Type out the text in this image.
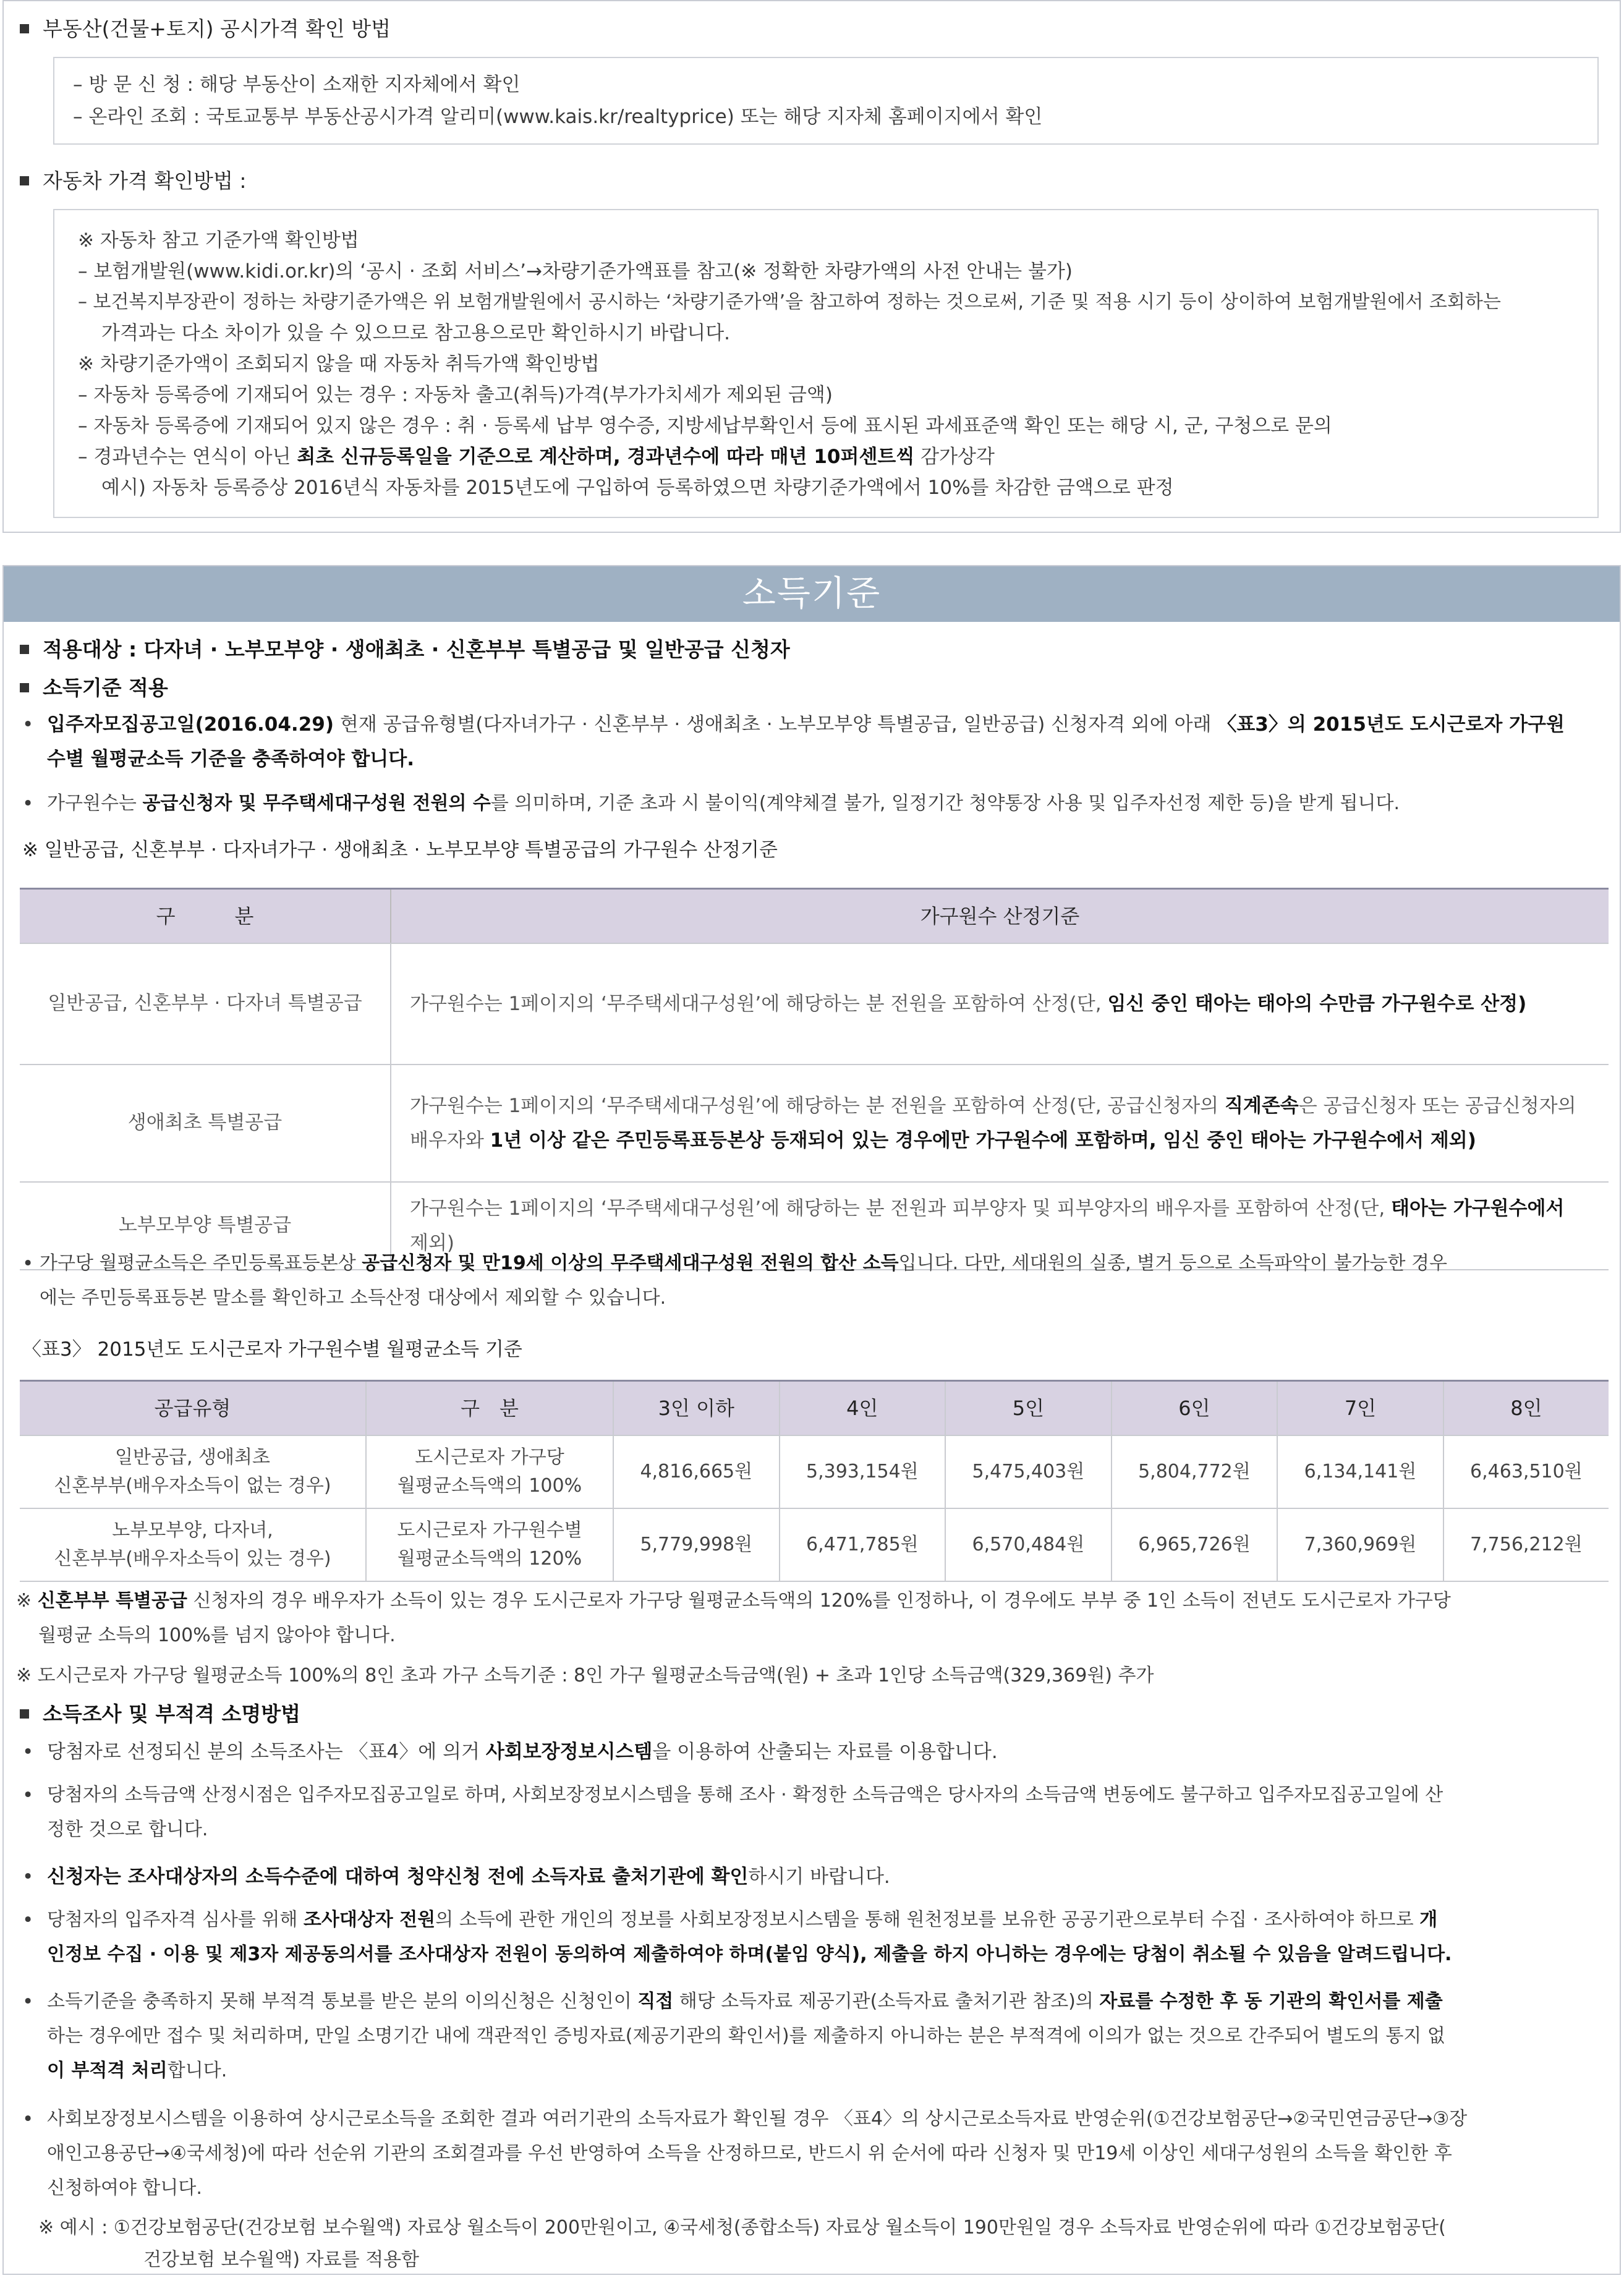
부동산(건물+토지) 공시가격 확인 방법
– 방 문 신 청 : 해당 부동산이 소재한 지자체에서 확인
– 온라인 조회 : 국토교통부 부동산공시가격 알리미(www.kais.kr/realtyprice) 또는 해당 지자체 홈페이지에서 확인
자동차 가격 확인방법 :
※ 자동차 참고 기준가액 확인방법
– 보험개발원(www.kidi.or.kr)의 ‘공시 · 조회 서비스’→차량기준가액표를 참고(※ 정확한 차량가액의 사전 안내는 불가)
– 보건복지부장관이 정하는 차량기준가액은 위 보험개발원에서 공시하는 ‘차량기준가액’을 참고하여 정하는 것으로써, 기준 및 적용 시기 등이 상이하여 보험개발원에서 조회하는
가격과는 다소 차이가 있을 수 있으므로 참고용으로만 확인하시기 바랍니다.
※ 차량기준가액이 조회되지 않을 때 자동차 취득가액 확인방법
– 자동차 등록증에 기재되어 있는 경우 : 자동차 출고(취득)가격(부가가치세가 제외된 금액)
– 자동차 등록증에 기재되어 있지 않은 경우 : 취 · 등록세 납부 영수증, 지방세납부확인서 등에 표시된 과세표준액 확인 또는 해당 시, 군, 구청으로 문의
– 경과년수는 연식이 아닌 최초 신규등록일을 기준으로 계산하며, 경과년수에 따라 매년 10퍼센트씩 감가상각
예시) 자동차 등록증상 2016년식 자동차를 2015년도에 구입하여 등록하였으면 차량기준가액에서 10%를 차감한 금액으로 판정
소득기준
적용대상 : 다자녀 · 노부모부양 · 생애최초 · 신혼부부 특별공급 및 일반공급 신청자
소득기준 적용
• 입주자모집공고일(2016.04.29) 현재 공급유형별(다자녀가구 · 신혼부부 · 생애최초 · 노부모부양 특별공급, 일반공급) 신청자격 외에 아래 〈표3〉의 2015년도 도시근로자 가구원
수별 월평균소득 기준을 충족하여야 합니다.
• 가구원수는 공급신청자 및 무주택세대구성원 전원의 수를 의미하며, 기준 초과 시 불이익(계약체결 불가, 일정기간 청약통장 사용 및 입주자선정 제한 등)을 받게 됩니다.
※ 일반공급, 신혼부부 · 다자녀가구 · 생애최초 · 노부모부양 특별공급의 가구원수 산정기준
구　　　분	가구원수 산정기준
일반공급, 신혼부부 · 다자녀 특별공급	가구원수는 1페이지의 ‘무주택세대구성원’에 해당하는 분 전원을 포함하여 산정(단, 임신 중인 태아는 태아의 수만큼 가구원수로 산정)
생애최초 특별공급	가구원수는 1페이지의 ‘무주택세대구성원’에 해당하는 분 전원을 포함하여 산정(단, 공급신청자의 직계존속은 공급신청자 또는 공급신청자의
배우자와 1년 이상 같은 주민등록표등본상 등재되어 있는 경우에만 가구원수에 포함하며, 임신 중인 태아는 가구원수에서 제외)
노부모부양 특별공급	가구원수는 1페이지의 ‘무주택세대구성원’에 해당하는 분 전원과 피부양자 및 피부양자의 배우자를 포함하여 산정(단, 태아는 가구원수에서
제외)
• 가구당 월평균소득은 주민등록표등본상 공급신청자 및 만19세 이상의 무주택세대구성원 전원의 합산 소득입니다. 다만, 세대원의 실종, 별거 등으로 소득파악이 불가능한 경우
에는 주민등록표등본 말소를 확인하고 소득산정 대상에서 제외할 수 있습니다.
〈표3〉 2015년도 도시근로자 가구원수별 월평균소득 기준
공급유형	구　분	3인 이하	4인	5인	6인	7인	8인
일반공급, 생애최초
신혼부부(배우자소득이 없는 경우)	도시근로자 가구당
월평균소득액의 100%	4,816,665원	5,393,154원	5,475,403원	5,804,772원	6,134,141원	6,463,510원
노부모부양, 다자녀,
신혼부부(배우자소득이 있는 경우)	도시근로자 가구원수별
월평균소득액의 120%	5,779,998원	6,471,785원	6,570,484원	6,965,726원	7,360,969원	7,756,212원
※ 신혼부부 특별공급 신청자의 경우 배우자가 소득이 있는 경우 도시근로자 가구당 월평균소득액의 120%를 인정하나, 이 경우에도 부부 중 1인 소득이 전년도 도시근로자 가구당
월평균 소득의 100%를 넘지 않아야 합니다.
※ 도시근로자 가구당 월평균소득 100%의 8인 초과 가구 소득기준 : 8인 가구 월평균소득금액(원) + 초과 1인당 소득금액(329,369원) 추가
소득조사 및 부적격 소명방법
• 당첨자로 선정되신 분의 소득조사는 〈표4〉에 의거 사회보장정보시스템을 이용하여 산출되는 자료를 이용합니다.
• 당첨자의 소득금액 산정시점은 입주자모집공고일로 하며, 사회보장정보시스템을 통해 조사 · 확정한 소득금액은 당사자의 소득금액 변동에도 불구하고 입주자모집공고일에 산
정한 것으로 합니다.
• 신청자는 조사대상자의 소득수준에 대하여 청약신청 전에 소득자료 출처기관에 확인하시기 바랍니다.
• 당첨자의 입주자격 심사를 위해 조사대상자 전원의 소득에 관한 개인의 정보를 사회보장정보시스템을 통해 원천정보를 보유한 공공기관으로부터 수집 · 조사하여야 하므로 개
인정보 수집 · 이용 및 제3자 제공동의서를 조사대상자 전원이 동의하여 제출하여야 하며(붙임 양식), 제출을 하지 아니하는 경우에는 당첨이 취소될 수 있음을 알려드립니다.
• 소득기준을 충족하지 못해 부적격 통보를 받은 분의 이의신청은 신청인이 직접 해당 소득자료 제공기관(소득자료 출처기관 참조)의 자료를 수정한 후 동 기관의 확인서를 제출
하는 경우에만 접수 및 처리하며, 만일 소명기간 내에 객관적인 증빙자료(제공기관의 확인서)를 제출하지 아니하는 분은 부적격에 이의가 없는 것으로 간주되어 별도의 통지 없
이 부적격 처리합니다.
• 사회보장정보시스템을 이용하여 상시근로소득을 조회한 결과 여러기관의 소득자료가 확인될 경우 〈표4〉의 상시근로소득자료 반영순위(①건강보험공단→②국민연금공단→③장
애인고용공단→④국세청)에 따라 선순위 기관의 조회결과를 우선 반영하여 소득을 산정하므로, 반드시 위 순서에 따라 신청자 및 만19세 이상인 세대구성원의 소득을 확인한 후
신청하여야 합니다.
※ 예시 : ①건강보험공단(건강보험 보수월액) 자료상 월소득이 200만원이고, ④국세청(종합소득) 자료상 월소득이 190만원일 경우 소득자료 반영순위에 따라 ①건강보험공단(
건강보험 보수월액) 자료를 적용함
